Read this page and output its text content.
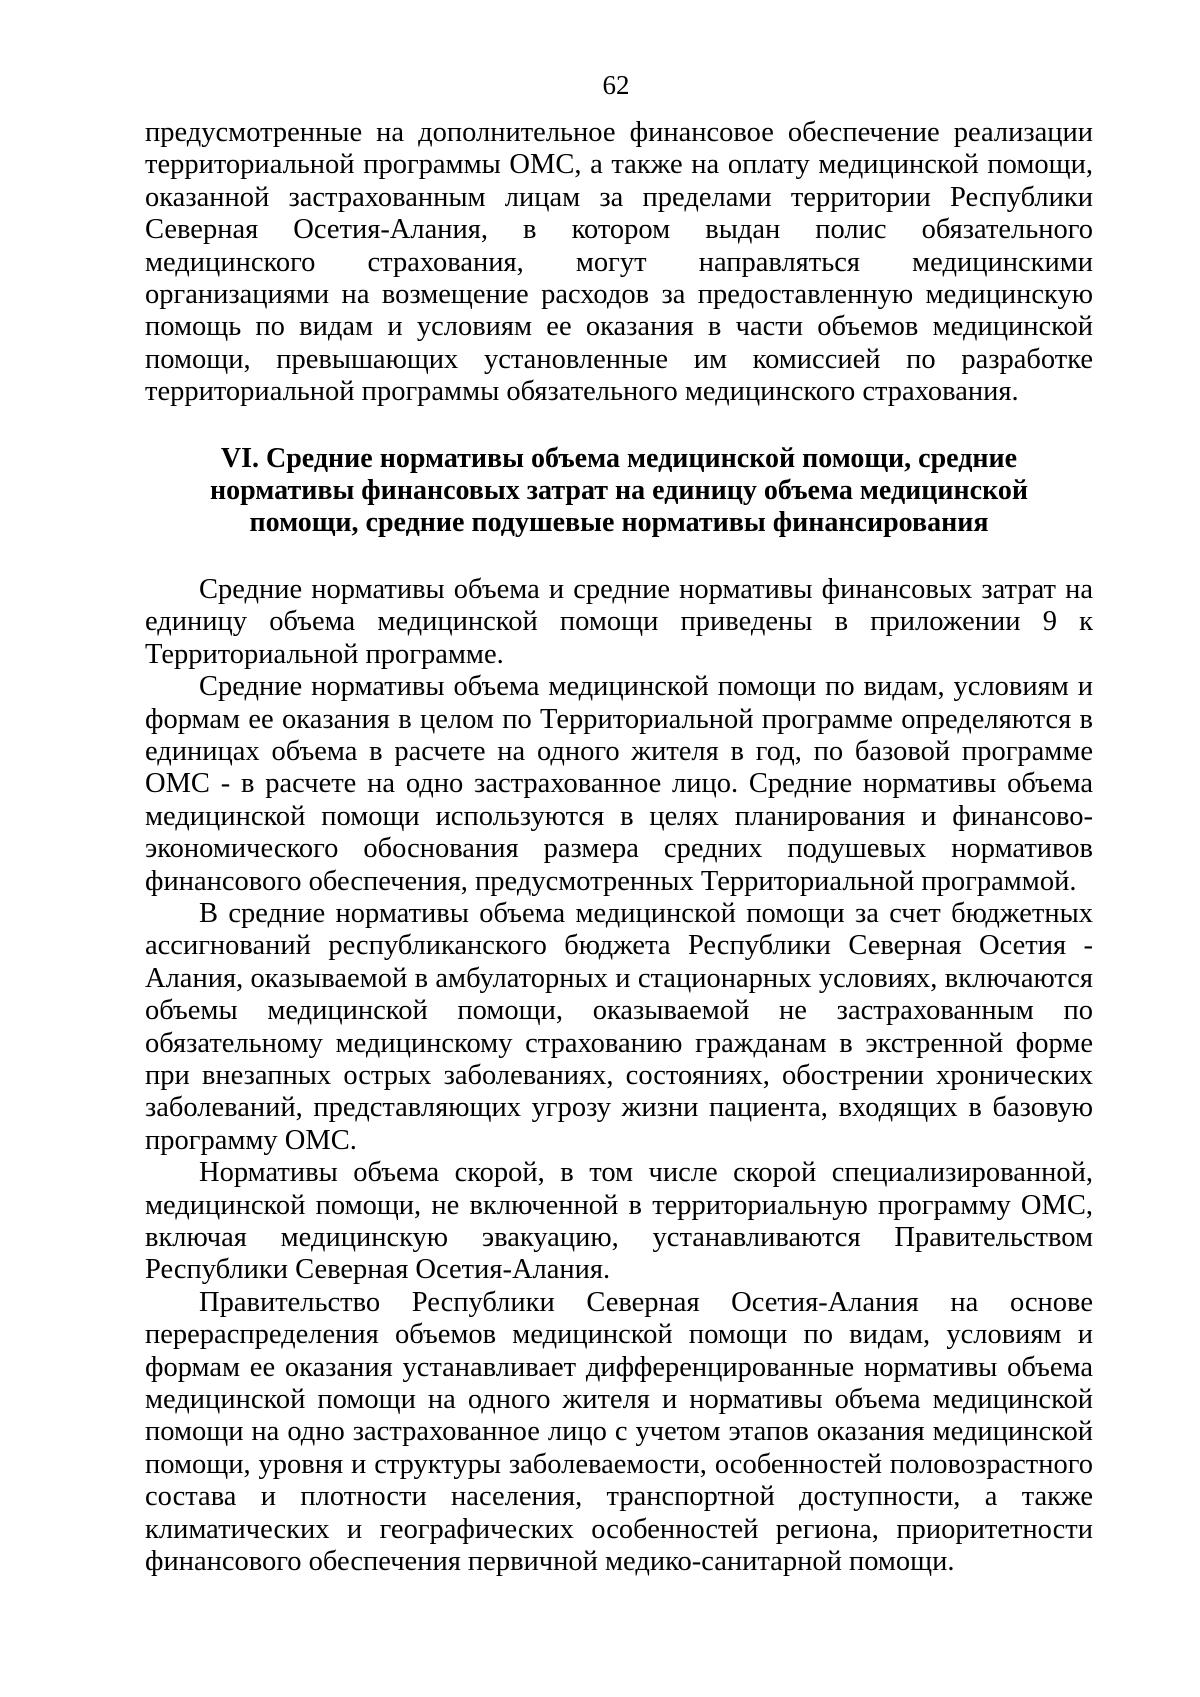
62

предусмотренные на дополнительное финансовое обеспечение реализации территориальной программы ОМС, а также на оплату медицинской помощи, оказанной застрахованным лицам за пределами территории Республики Северная Осетия-Алания, в котором выдан полис обязательного медицинского страхования, могут направляться медицинскими организациями на возмещение расходов за предоставленную медицинскую помощь по видам и условиям ее оказания в части объемов медицинской помощи, превышающих установленные им комиссией по разработке территориальной программы обязательного медицинского страхования.

VI. Средние нормативы объема медицинской помощи, средние нормативы финансовых затрат на единицу объема медицинской помощи, средние подушевые нормативы финансирования

Средние нормативы объема и средние нормативы финансовых затрат на единицу объема медицинской помощи приведены в приложении 9 к Территориальной программе.

Средние нормативы объема медицинской помощи по видам, условиям и формам ее оказания в целом по Территориальной программе определяются в единицах объема в расчете на одного жителя в год, по базовой программе ОМС - в расчете на одно застрахованное лицо. Средние нормативы объема медицинской помощи используются в целях планирования и финансово-экономического обоснования размера средних подушевых нормативов финансового обеспечения, предусмотренных Территориальной программой.

В средние нормативы объема медицинской помощи за счет бюджетных ассигнований республиканского бюджета Республики Северная Осетия - Алания, оказываемой в амбулаторных и стационарных условиях, включаются объемы медицинской помощи, оказываемой не застрахованным по обязательному медицинскому страхованию гражданам в экстренной форме при внезапных острых заболеваниях, состояниях, обострении хронических заболеваний, представляющих угрозу жизни пациента, входящих в базовую программу ОМС.

Нормативы объема скорой, в том числе скорой специализированной, медицинской помощи, не включенной в территориальную программу ОМС, включая медицинскую эвакуацию, устанавливаются Правительством Республики Северная Осетия-Алания.

Правительство Республики Северная Осетия-Алания на основе перераспределения объемов медицинской помощи по видам, условиям и формам ее оказания устанавливает дифференцированные нормативы объема медицинской помощи на одного жителя и нормативы объема медицинской помощи на одно застрахованное лицо с учетом этапов оказания медицинской помощи, уровня и структуры заболеваемости, особенностей половозрастного состава и плотности населения, транспортной доступности, а также климатических и географических особенностей региона, приоритетности финансового обеспечения первичной медико-санитарной помощи.
